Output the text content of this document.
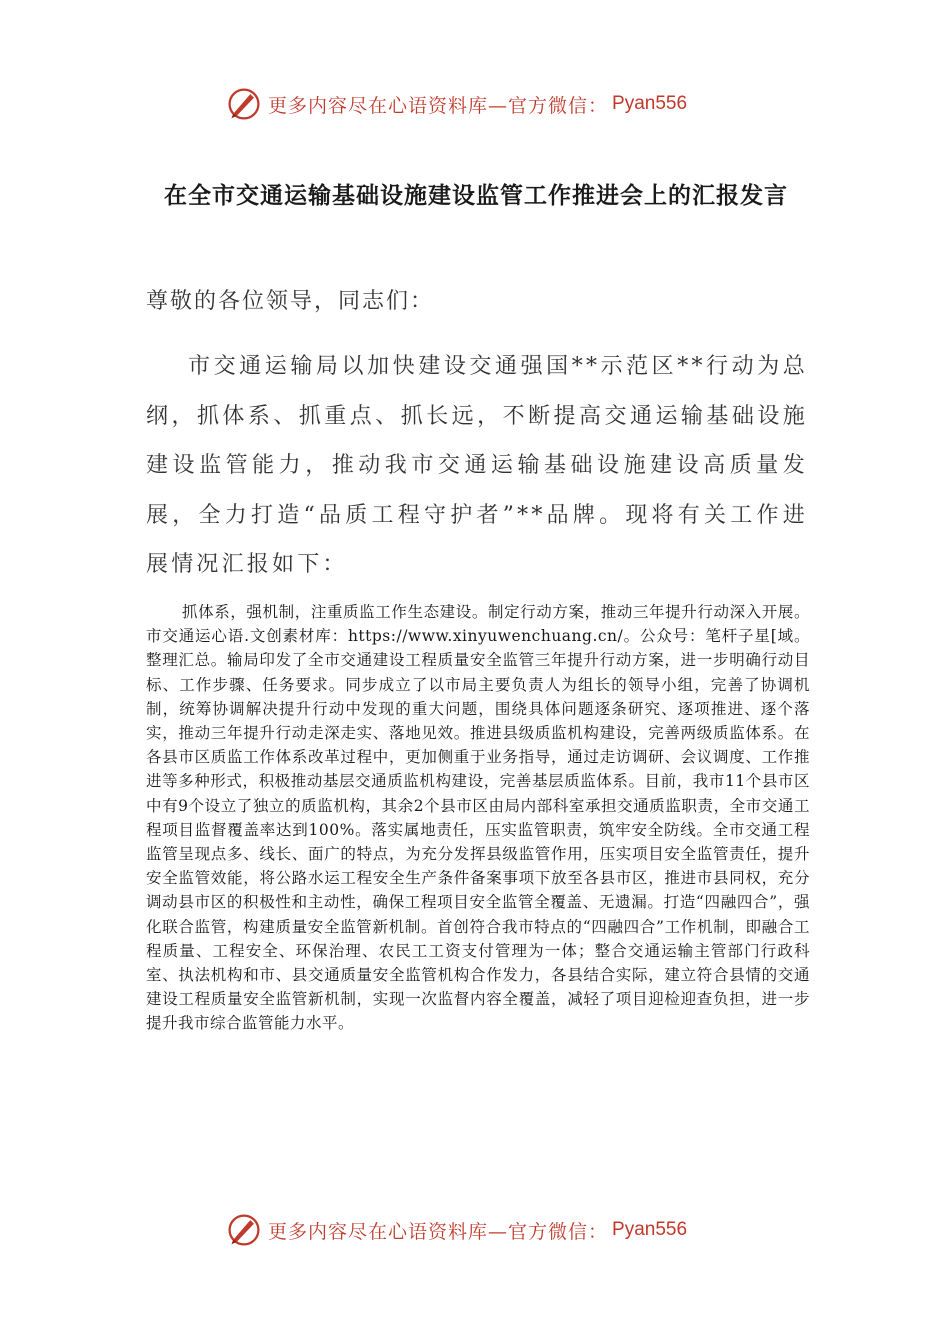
更多内容尽在心语资料库—官方微信： Pyan556
在全市交通运输基础设施建设监管工作推进会上的汇报发言
尊敬的各位领导，同志们：
市交通运输局以加快建设交通强国**示范区**行动为总纲，抓体系、抓重点、抓长远，不断提高交通运输基础设施建设监管能力，推动我市交通运输基础设施建设高质量发展，全力打造“品质工程守护者”**品牌。现将有关工作进展情况汇报如下：
抓体系，强机制，注重质监工作生态建设。制定行动方案，推动三年提升行动深入开展。市交通运心语.文创素材库：https://www.xinyuwenchuang.cn/。公众号：笔杆子星[域。整理汇总。输局印发了全市交通建设工程质量安全监管三年提升行动方案，进一步明确行动目标、工作步骤、任务要求。同步成立了以市局主要负责人为组长的领导小组，完善了协调机制，统筹协调解决提升行动中发现的重大问题，围绕具体问题逐条研究、逐项推进、逐个落实，推动三年提升行动走深走实、落地见效。推进县级质监机构建设，完善两级质监体系。在各县市区质监工作体系改革过程中，更加侧重于业务指导，通过走访调研、会议调度、工作推进等多种形式，积极推动基层交通质监机构建设，完善基层质监体系。目前，我市11个县市区中有9个设立了独立的质监机构，其余2个县市区由局内部科室承担交通质监职责，全市交通工程项目监督覆盖率达到100%。落实属地责任，压实监管职责，筑牢安全防线。全市交通工程监管呈现点多、线长、面广的特点，为充分发挥县级监管作用，压实项目安全监管责任，提升安全监管效能，将公路水运工程安全生产条件备案事项下放至各县市区，推进市县同权，充分调动县市区的积极性和主动性，确保工程项目安全监管全覆盖、无遗漏。打造“四融四合”，强化联合监管，构建质量安全监管新机制。首创符合我市特点的“四融四合”工作机制，即融合工程质量、工程安全、环保治理、农民工工资支付管理为一体；整合交通运输主管部门行政科室、执法机构和市、县交通质量安全监管机构合作发力，各县结合实际，建立符合县情的交通建设工程质量安全监管新机制，实现一次监督内容全覆盖，减轻了项目迎检迎查负担，进一步提升我市综合监管能力水平。
更多内容尽在心语资料库—官方微信： Pyan556
